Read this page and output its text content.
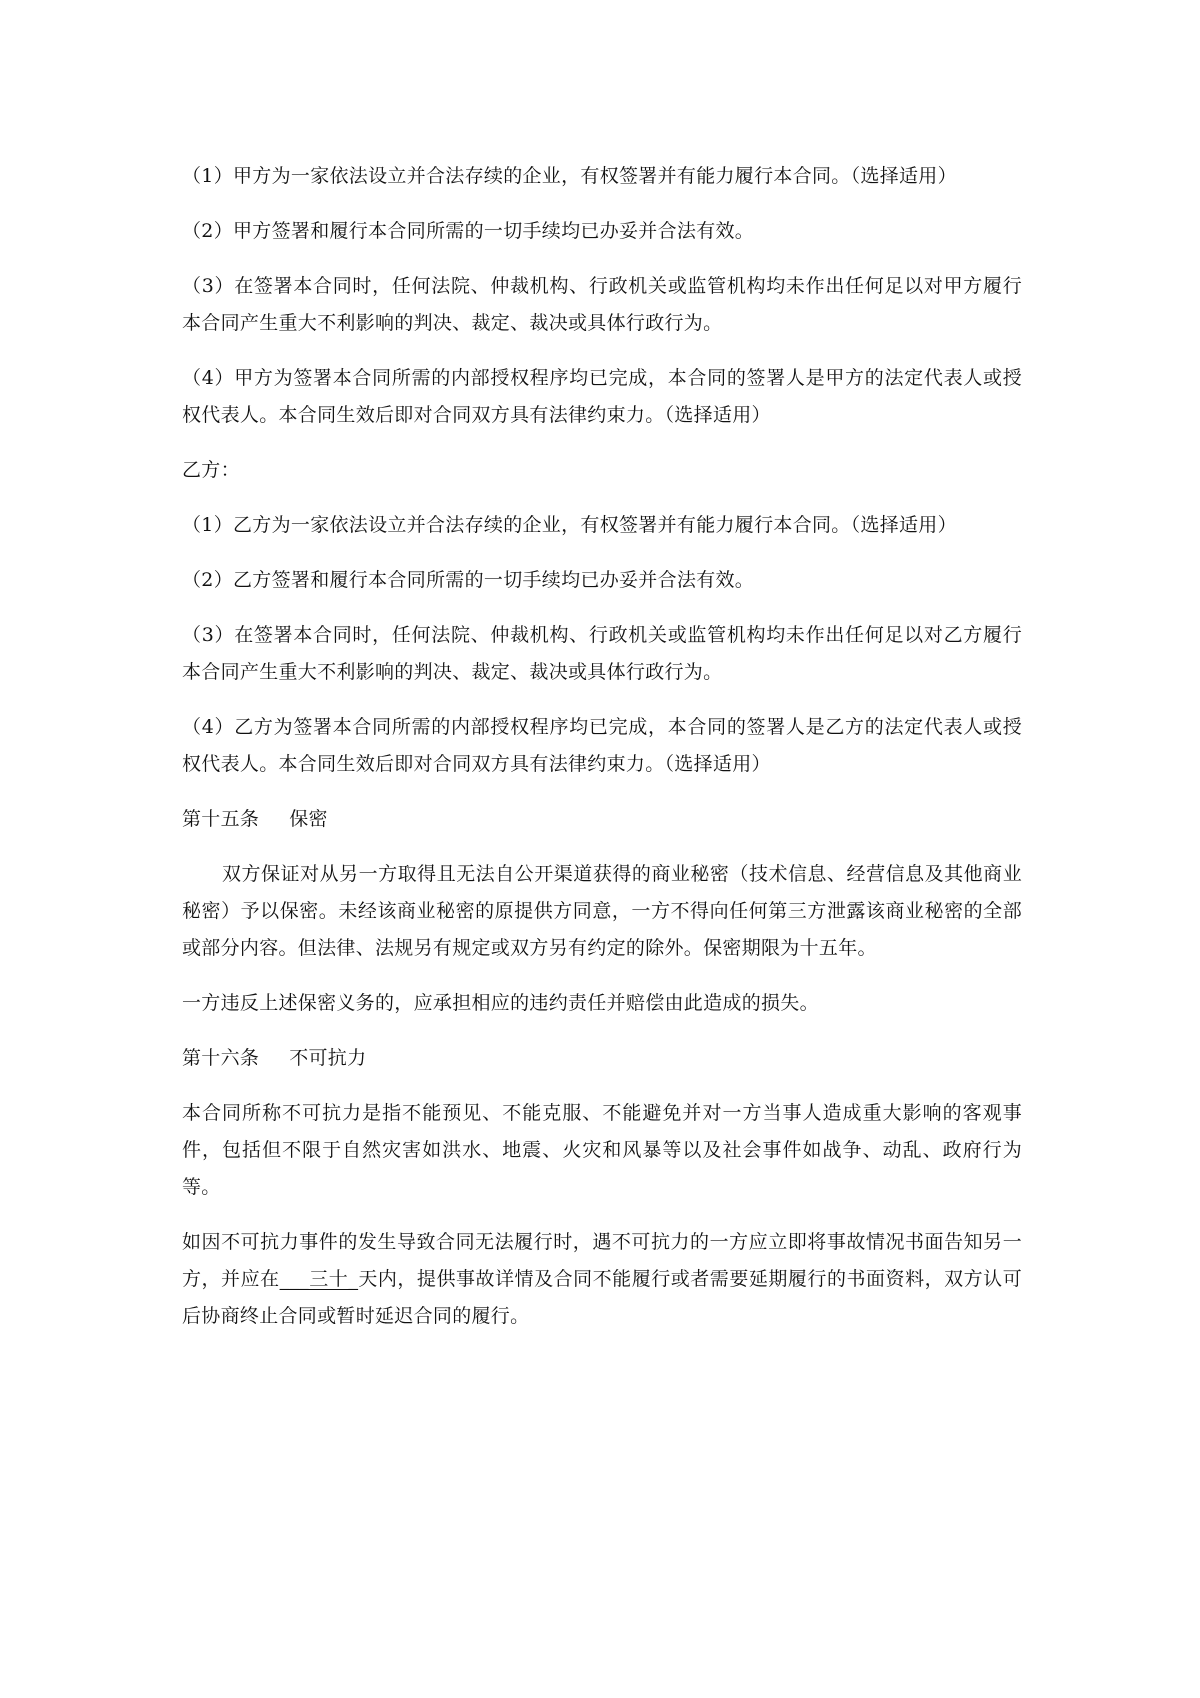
（1）甲方为一家依法设立并合法存续的企业，有权签署并有能力履行本合同。（选择适用）

（2）甲方签署和履行本合同所需的一切手续均已办妥并合法有效。

（3）在签署本合同时，任何法院、仲裁机构、行政机关或监管机构均未作出任何足以对甲方履行本合同产生重大不利影响的判决、裁定、裁决或具体行政行为。

（4）甲方为签署本合同所需的内部授权程序均已完成，本合同的签署人是甲方的法定代表人或授权代表人。本合同生效后即对合同双方具有法律约束力。（选择适用）

乙方：

（1）乙方为一家依法设立并合法存续的企业，有权签署并有能力履行本合同。（选择适用）

（2）乙方签署和履行本合同所需的一切手续均已办妥并合法有效。

（3）在签署本合同时，任何法院、仲裁机构、行政机关或监管机构均未作出任何足以对乙方履行本合同产生重大不利影响的判决、裁定、裁决或具体行政行为。

（4）乙方为签署本合同所需的内部授权程序均已完成，本合同的签署人是乙方的法定代表人或授权代表人。本合同生效后即对合同双方具有法律约束力。（选择适用）

第十五条 保密

双方保证对从另一方取得且无法自公开渠道获得的商业秘密（技术信息、经营信息及其他商业秘密）予以保密。未经该商业秘密的原提供方同意，一方不得向任何第三方泄露该商业秘密的全部或部分内容。但法律、法规另有规定或双方另有约定的除外。保密期限为十五年。

一方违反上述保密义务的，应承担相应的违约责任并赔偿由此造成的损失。

第十六条 不可抗力

本合同所称不可抗力是指不能预见、不能克服、不能避免并对一方当事人造成重大影响的客观事件，包括但不限于自然灾害如洪水、地震、火灾和风暴等以及社会事件如战争、动乱、政府行为等。

如因不可抗力事件的发生导致合同无法履行时，遇不可抗力的一方应立即将事故情况书面告知另一方，并应在___三十_天内，提供事故详情及合同不能履行或者需要延期履行的书面资料，双方认可后协商终止合同或暂时延迟合同的履行。
